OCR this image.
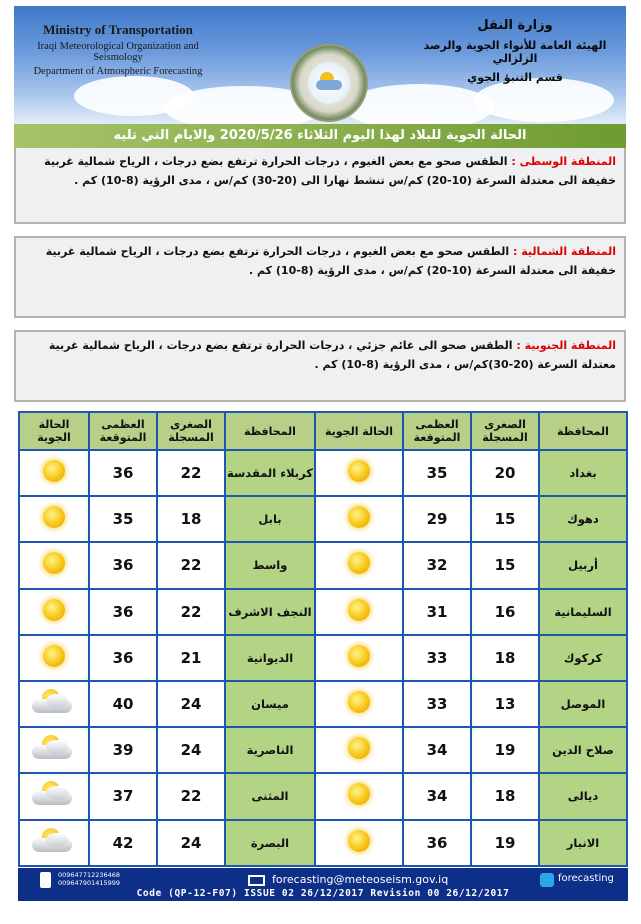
Ministry of Transportation
Iraqi Meteorological Organization and Seismology
Department of Atmospheric Forecasting
وزارة النقل
الهيئة العامة للأنواء الجوية والرصد الزلزالي
قسم التنبؤ الجوي
الحالة الجوية للبلاد لهذا اليوم الثلاثاء 2020/5/26 والايام التي تليه
المنطقة الوسطى : الطقس صحو مع بعض الغيوم ، درجات الحرارة ترتفع بضع درجات ، الرياح شمالية غربية خفيفة الى معتدلة السرعة (10-20) كم/س تنشط نهارا الى (20-30) كم/س ، مدى الرؤية (8-10) كم .
المنطقة الشمالية : الطقس صحو مع بعض الغيوم ، درجات الحرارة ترتفع بضع درجات ، الرياح شمالية غربية خفيفة الى معتدلة السرعة (10-20) كم/س ، مدى الرؤية (8-10) كم .
المنطقة الجنوبية : الطقس صحو الى غائم جزئي ، درجات الحرارة ترتفع بضع درجات ، الرياح شمالية غربية معتدلة السرعة (20-30)كم/س ، مدى الرؤية (8-10) كم .
المحافظة	الصغرى المسجلة	العظمى المتوقعة	الحالة الجوية	المحافظة	الصغرى المسجلة	العظمى المتوقعة	الحالة الجوية
بغداد	20	35		كربلاء المقدسة	22	36	
دهوك	15	29		بابل	18	35	
أربيل	15	32		واسط	22	36	
السليمانية	16	31		النجف الاشرف	22	36	
كركوك	18	33		الديوانية	21	36	
الموصل	13	33		ميسان	24	40	

صلاح الدين	19	34		الناصرية	24	39	

ديالى	18	34		المثنى	22	37	

الانبار	19	36		البصرة	24	42	
009647712236468
009647901415999	forecasting@meteoseism.gov.iq	forecasting
Code (QP-12-F07) ISSUE 02 26/12/2017 Revision 00 26/12/2017
